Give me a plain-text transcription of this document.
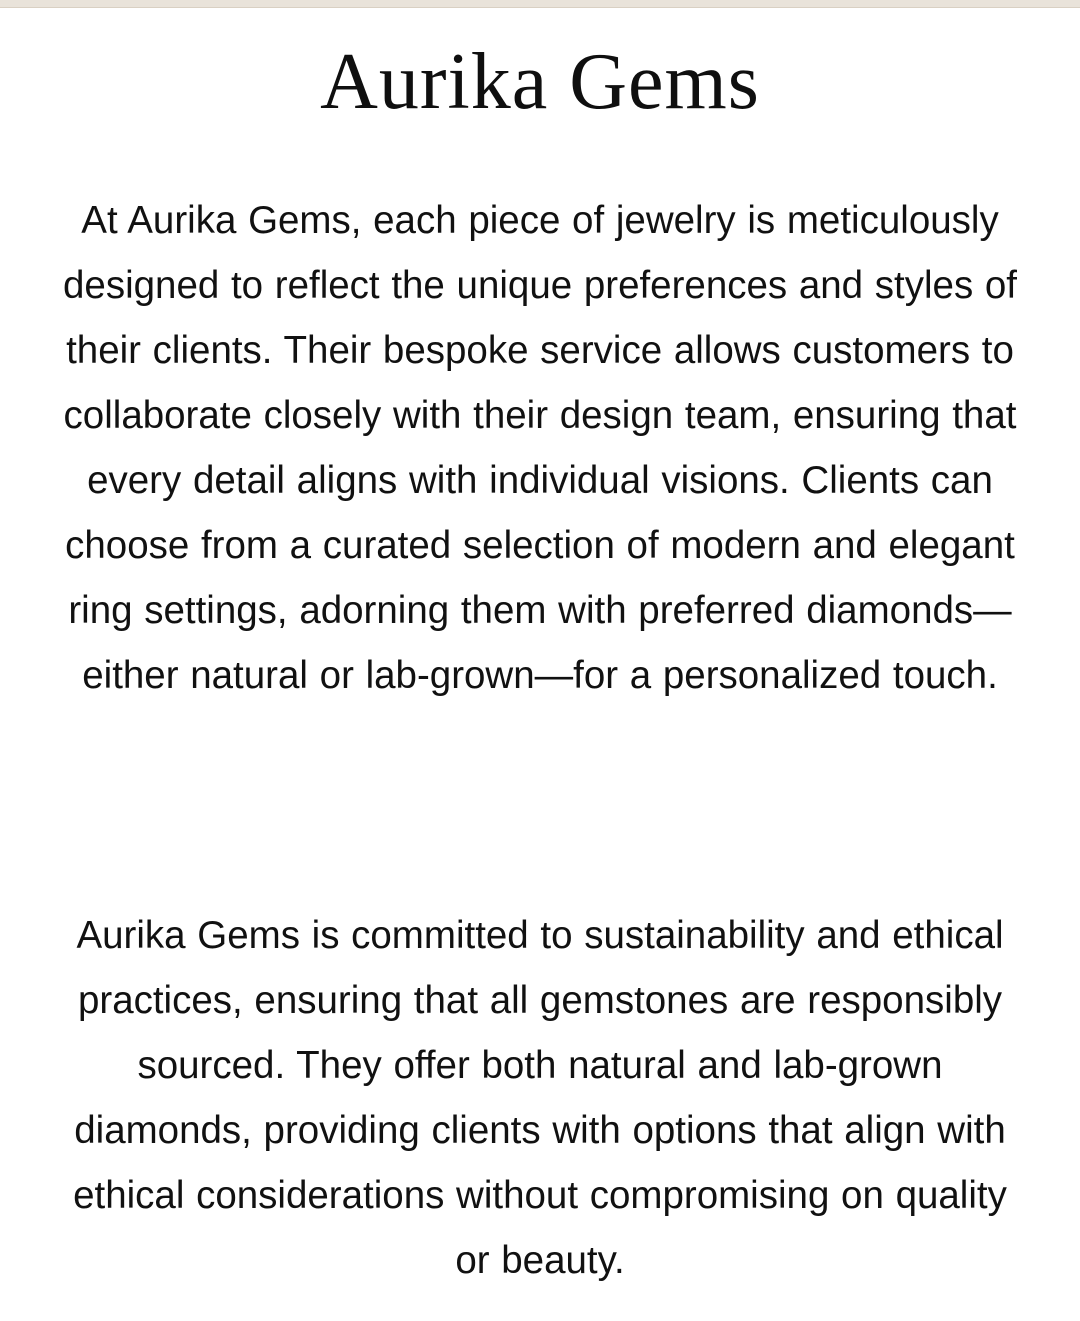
Aurika Gems

At Aurika Gems, each piece of jewelry is meticulously designed to reflect the unique preferences and styles of their clients. Their bespoke service allows customers to collaborate closely with their design team, ensuring that every detail aligns with individual visions. Clients can choose from a curated selection of modern and elegant ring settings, adorning them with preferred diamonds—either natural or lab-grown—for a personalized touch.

Aurika Gems is committed to sustainability and ethical practices, ensuring that all gemstones are responsibly sourced. They offer both natural and lab-grown diamonds, providing clients with options that align with ethical considerations without compromising on quality or beauty.
